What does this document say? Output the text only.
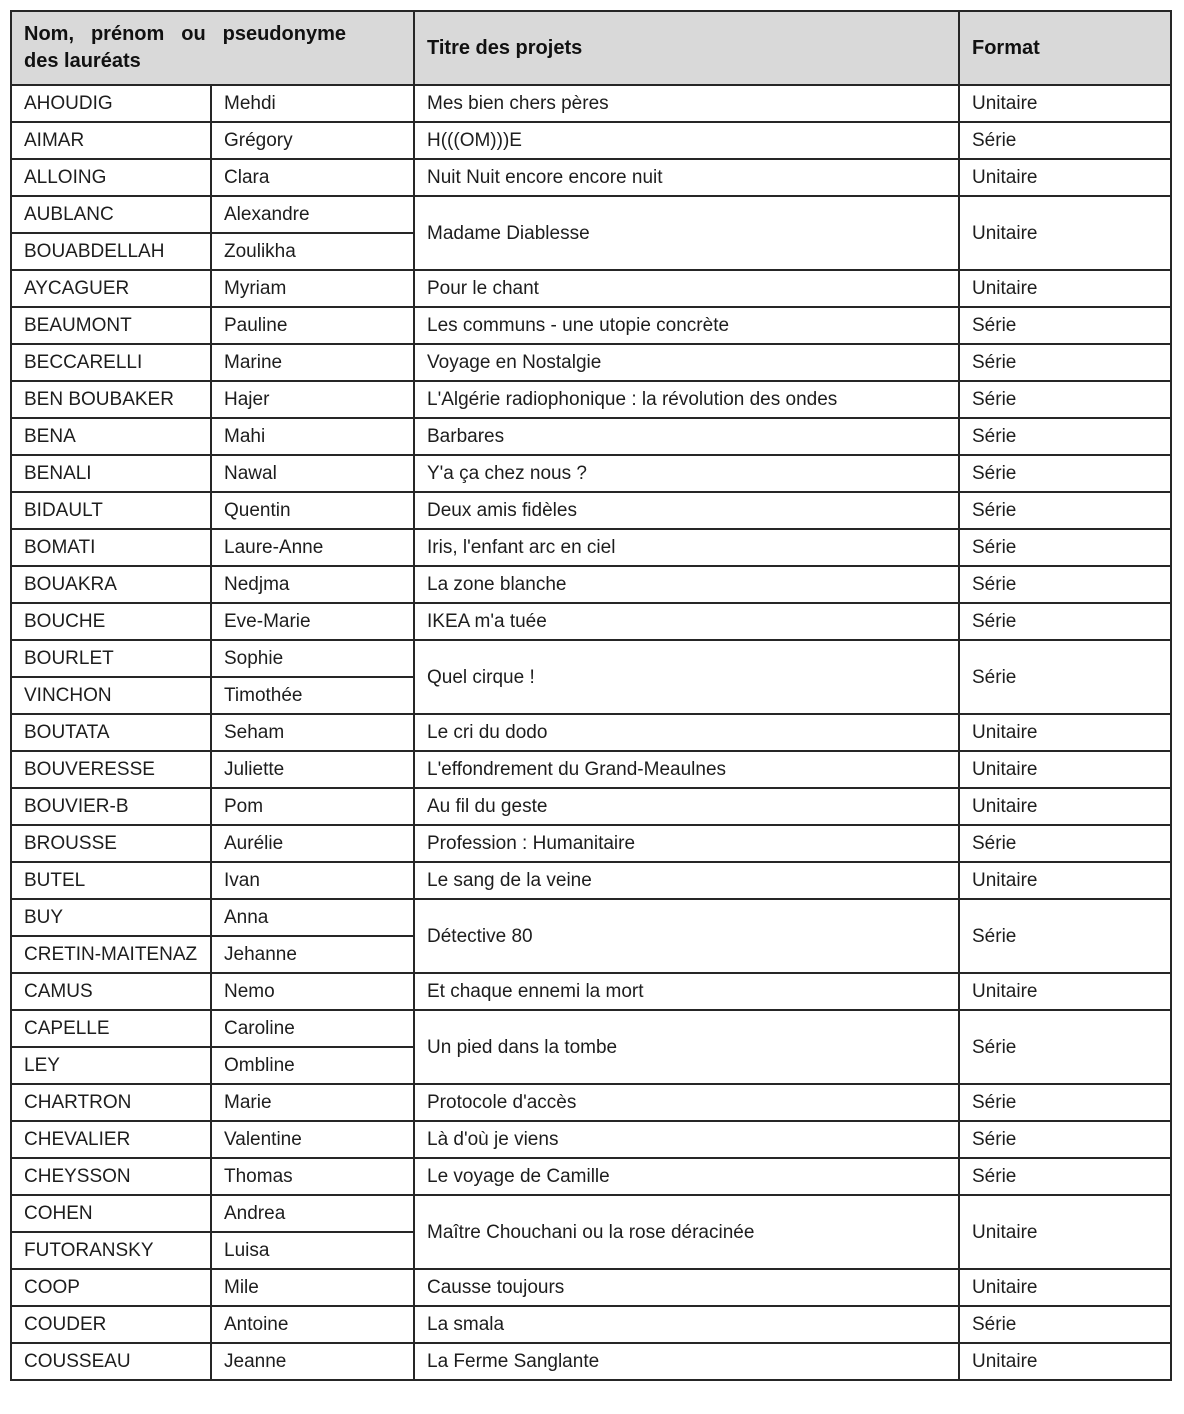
Nom, prénom ou pseudonyme des lauréats		Titre des projets	Format

AHOUDIG	Mehdi	Mes bien chers pères	Unitaire
AIMAR	Grégory	H(((OM)))E	Série
ALLOING	Clara	Nuit Nuit encore encore nuit	Unitaire
AUBLANC	Alexandre	Madame Diablesse	Unitaire
BOUABDELLAH	Zoulikha		
AYCAGUER	Myriam	Pour le chant	Unitaire
BEAUMONT	Pauline	Les communs - une utopie concrète	Série
BECCARELLI	Marine	Voyage en Nostalgie	Série
BEN BOUBAKER	Hajer	L'Algérie radiophonique : la révolution des ondes	Série
BENA	Mahi	Barbares	Série
BENALI	Nawal	Y'a ça chez nous ?	Série
BIDAULT	Quentin	Deux amis fidèles	Série
BOMATI	Laure-Anne	Iris, l'enfant arc en ciel	Série
BOUAKRA	Nedjma	La zone blanche	Série
BOUCHE	Eve-Marie	IKEA m'a tuée	Série
BOURLET	Sophie	Quel cirque !	Série
VINCHON	Timothée		
BOUTATA	Seham	Le cri du dodo	Unitaire
BOUVERESSE	Juliette	L'effondrement du Grand-Meaulnes	Unitaire
BOUVIER-B	Pom	Au fil du geste	Unitaire
BROUSSE	Aurélie	Profession : Humanitaire	Série
BUTEL	Ivan	Le sang de la veine	Unitaire
BUY	Anna	Détective 80	Série
CRETIN-MAITENAZ	Jehanne		
CAMUS	Nemo	Et chaque ennemi la mort	Unitaire
CAPELLE	Caroline	Un pied dans la tombe	Série
LEY	Ombline		
CHARTRON	Marie	Protocole d'accès	Série
CHEVALIER	Valentine	Là d'où je viens	Série
CHEYSSON	Thomas	Le voyage de Camille	Série
COHEN	Andrea	Maître Chouchani ou la rose déracinée	Unitaire
FUTORANSKY	Luisa		
COOP	Mile	Causse toujours	Unitaire
COUDER	Antoine	La smala	Série
COUSSEAU	Jeanne	La Ferme Sanglante	Unitaire
